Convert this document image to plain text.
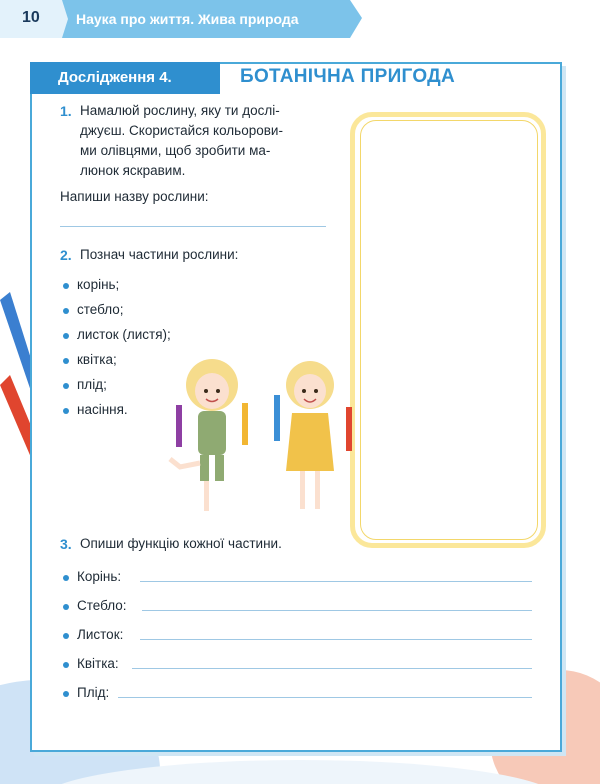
10	Наука про життя. Жива природа
Дослідження 4.	БОТАНІЧНА ПРИГОДА
1. Намалюй рослину, яку ти дослі-
джуєш. Скористайся кольорови-
ми олівцями, щоб зробити ма-
люнок яскравим.
Напиши назву рослини:
2. Познач частини рослини:
корінь;
стебло;
листок (листя);
квітка;
плід;
насіння.
3. Опиши функцію кожної частини.
Корінь:
Стебло:
Листок:
Квітка:
Плід:
